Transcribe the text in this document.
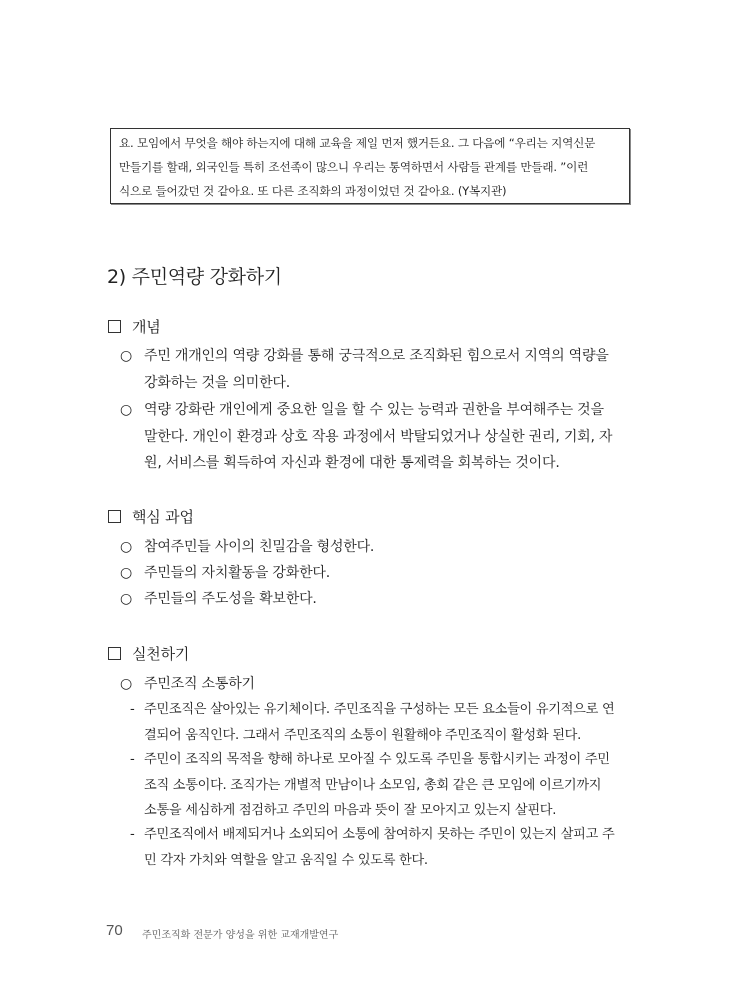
요. 모임에서 무엇을 해야 하는지에 대해 교육을 제일 먼저 했거든요. 그 다음에 “우리는 지역신문

만들기를 할래, 외국인들 특히 조선족이 많으니 우리는 통역하면서 사람들 관계를 만들래. ”이런

식으로 들어갔던 것 같아요. 또 다른 조직화의 과정이었던 것 같아요. (Y복지관)

2) 주민역량 강화하기
개념
○ 주민 개개인의 역량 강화를 통해 궁극적으로 조직화된 힘으로서 지역의 역량을
강화하는 것을 의미한다.
○ 역량 강화란 개인에게 중요한 일을 할 수 있는 능력과 권한을 부여해주는 것을
말한다. 개인이 환경과 상호 작용 과정에서 박탈되었거나 상실한 권리, 기회, 자
원, 서비스를 획득하여 자신과 환경에 대한 통제력을 회복하는 것이다.
핵심 과업
○ 참여주민들 사이의 친밀감을 형성한다.
○ 주민들의 자치활동을 강화한다.
○ 주민들의 주도성을 확보한다.
실천하기
○ 주민조직 소통하기
- 주민조직은 살아있는 유기체이다. 주민조직을 구성하는 모든 요소들이 유기적으로 연
결되어 움직인다. 그래서 주민조직의 소통이 원활해야 주민조직이 활성화 된다.
- 주민이 조직의 목적을 향해 하나로 모아질 수 있도록 주민을 통합시키는 과정이 주민
조직 소통이다. 조직가는 개별적 만남이나 소모임, 총회 같은 큰 모임에 이르기까지
소통을 세심하게 점검하고 주민의 마음과 뜻이 잘 모아지고 있는지 살핀다.
- 주민조직에서 배제되거나 소외되어 소통에 참여하지 못하는 주민이 있는지 살피고 주
민 각자 가치와 역할을 알고 움직일 수 있도록 한다.
70 주민조직화 전문가 양성을 위한 교재개발연구
